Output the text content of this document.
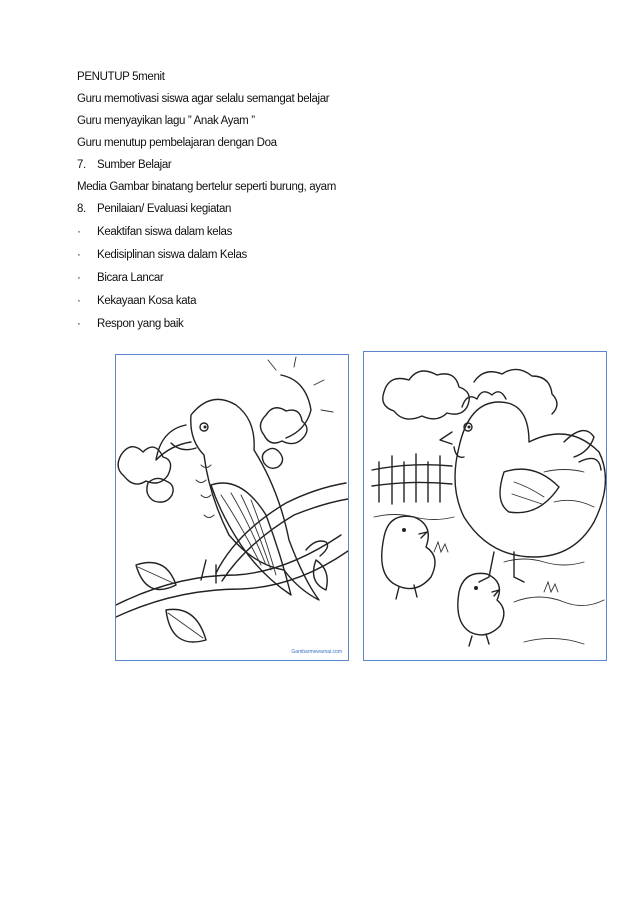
PENUTUP 5menit
Guru memotivasi siswa agar selalu semangat belajar
Guru menyayikan lagu ” Anak Ayam ”
Guru menutup pembelajaran dengan Doa
7. Sumber Belajar
Media Gambar binatang bertelur seperti burung, ayam
8. Penilaian/ Evaluasi kegiatan
· Keaktifan siswa dalam kelas
· Kedisiplinan siswa dalam Kelas
· Bicara Lancar
· Kekayaan Kosa kata
· Respon yang baik
Gambarmewarnai.com
